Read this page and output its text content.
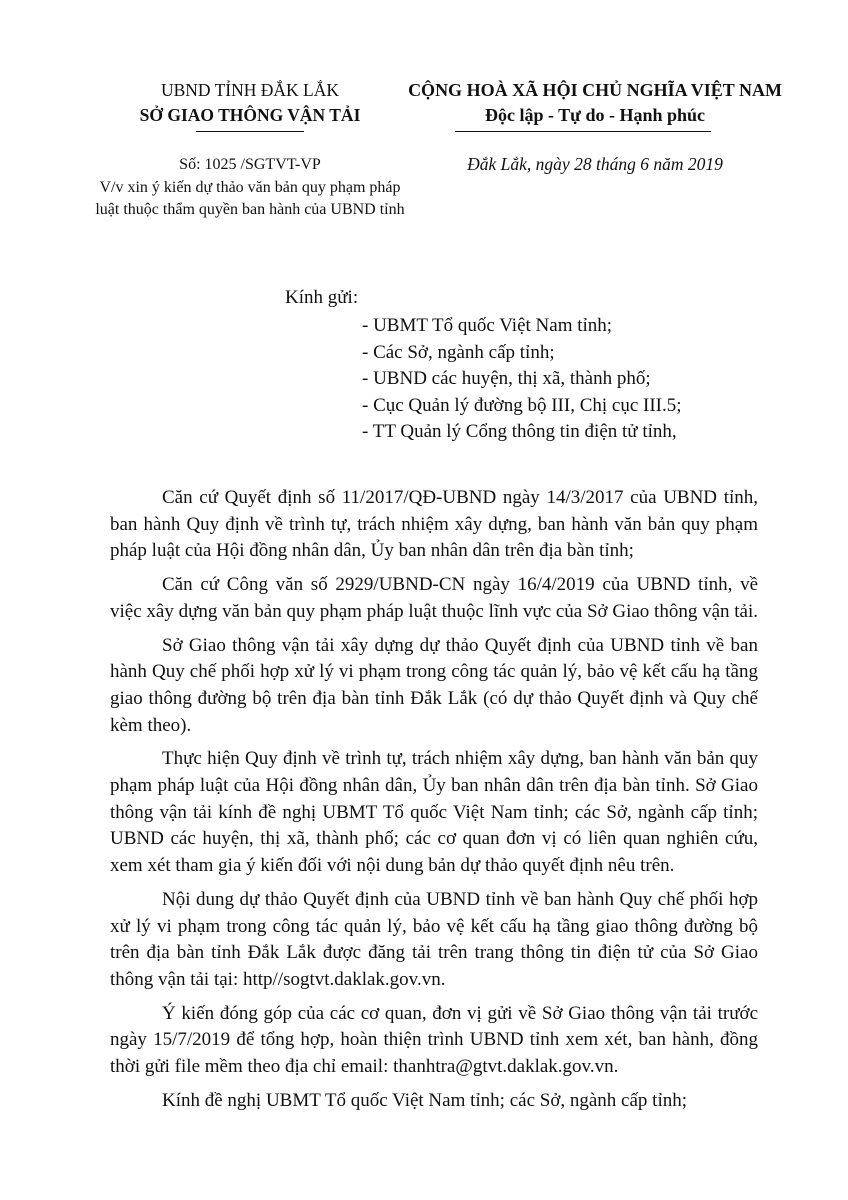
UBND TỈNH ĐẮK LẮK
SỞ GIAO THÔNG VẬN TẢI
CỘNG HOÀ XÃ HỘI CHỦ NGHĨA VIỆT NAM
Độc lập - Tự do - Hạnh phúc
Số: 1025 /SGTVT-VP
V/v xin ý kiến dự thảo văn bản quy phạm pháp luật thuộc thẩm quyền ban hành của UBND tỉnh
Đắk Lắk, ngày 28 tháng 6 năm 2019
Kính gửi:
- UBMT Tổ quốc Việt Nam tỉnh;
- Các Sở, ngành cấp tỉnh;
- UBND các huyện, thị xã, thành phố;
- Cục Quản lý đường bộ III, Chị cục III.5;
- TT Quản lý Cổng thông tin điện tử tỉnh,

Căn cứ Quyết định số 11/2017/QĐ-UBND ngày 14/3/2017 của UBND tỉnh, ban hành Quy định về trình tự, trách nhiệm xây dựng, ban hành văn bản quy phạm pháp luật của Hội đồng nhân dân, Ủy ban nhân dân trên địa bàn tỉnh;

Căn cứ Công văn số 2929/UBND-CN ngày 16/4/2019 của UBND tỉnh, về việc xây dựng văn bản quy phạm pháp luật thuộc lĩnh vực của Sở Giao thông vận tải.

Sở Giao thông vận tải xây dựng dự thảo Quyết định của UBND tỉnh về ban hành Quy chế phối hợp xử lý vi phạm trong công tác quản lý, bảo vệ kết cấu hạ tầng giao thông đường bộ trên địa bàn tỉnh Đắk Lắk (có dự thảo Quyết định và Quy chế kèm theo).

Thực hiện Quy định về trình tự, trách nhiệm xây dựng, ban hành văn bản quy phạm pháp luật của Hội đồng nhân dân, Ủy ban nhân dân trên địa bàn tỉnh. Sở Giao thông vận tải kính đề nghị UBMT Tổ quốc Việt Nam tỉnh; các Sở, ngành cấp tỉnh; UBND các huyện, thị xã, thành phố; các cơ quan đơn vị có liên quan nghiên cứu, xem xét tham gia ý kiến đối với nội dung bản dự thảo quyết định nêu trên.

Nội dung dự thảo Quyết định của UBND tỉnh về ban hành Quy chế phối hợp xử lý vi phạm trong công tác quản lý, bảo vệ kết cấu hạ tầng giao thông đường bộ trên địa bàn tỉnh Đắk Lắk được đăng tải trên trang thông tin điện tử của Sở Giao thông vận tải tại: http//sogtvt.daklak.gov.vn.

Ý kiến đóng góp của các cơ quan, đơn vị gửi về Sở Giao thông vận tải trước ngày 15/7/2019 để tổng hợp, hoàn thiện trình UBND tỉnh xem xét, ban hành, đồng thời gửi file mềm theo địa chỉ email: thanhtra@gtvt.daklak.gov.vn.

Kính đề nghị UBMT Tổ quốc Việt Nam tỉnh; các Sở, ngành cấp tỉnh;
